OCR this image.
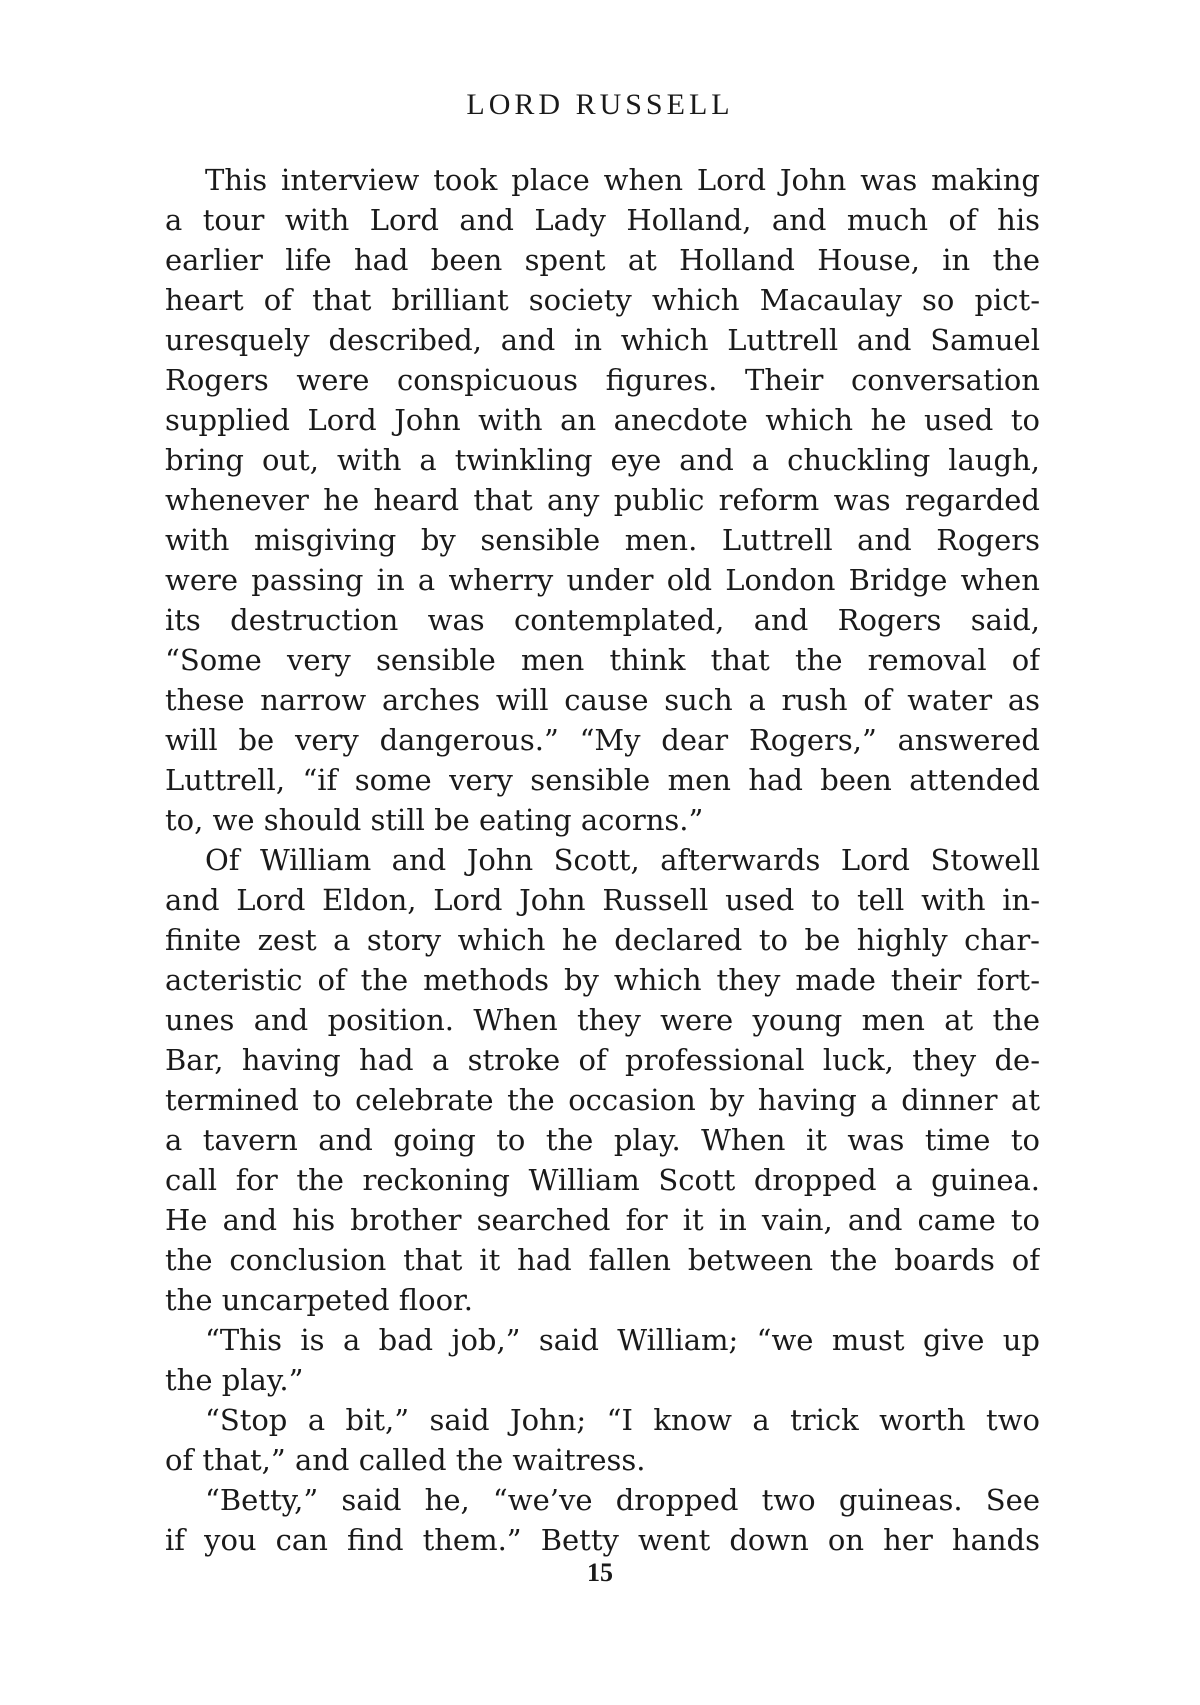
LORD RUSSELL
This interview took place when Lord John was making
a tour with Lord and Lady Holland, and much of his
earlier life had been spent at Holland House, in the
heart of that brilliant society which Macaulay so pict-
uresquely described, and in which Luttrell and Samuel
Rogers were conspicuous figures. Their conversation
supplied Lord John with an anecdote which he used to
bring out, with a twinkling eye and a chuckling laugh,
whenever he heard that any public reform was regarded
with misgiving by sensible men. Luttrell and Rogers
were passing in a wherry under old London Bridge when
its destruction was contemplated, and Rogers said,
“Some very sensible men think that the removal of
these narrow arches will cause such a rush of water as
will be very dangerous.” “My dear Rogers,” answered
Luttrell, “if some very sensible men had been attended
to, we should still be eating acorns.”
Of William and John Scott, afterwards Lord Stowell
and Lord Eldon, Lord John Russell used to tell with in-
finite zest a story which he declared to be highly char-
acteristic of the methods by which they made their fort-
unes and position. When they were young men at the
Bar, having had a stroke of professional luck, they de-
termined to celebrate the occasion by having a dinner at
a tavern and going to the play. When it was time to
call for the reckoning William Scott dropped a guinea.
He and his brother searched for it in vain, and came to
the conclusion that it had fallen between the boards of
the uncarpeted floor.
“This is a bad job,” said William; “we must give up
the play.”
“Stop a bit,” said John; “I know a trick worth two
of that,” and called the waitress.
“Betty,” said he, “we’ve dropped two guineas. See
if you can find them.” Betty went down on her hands

15
